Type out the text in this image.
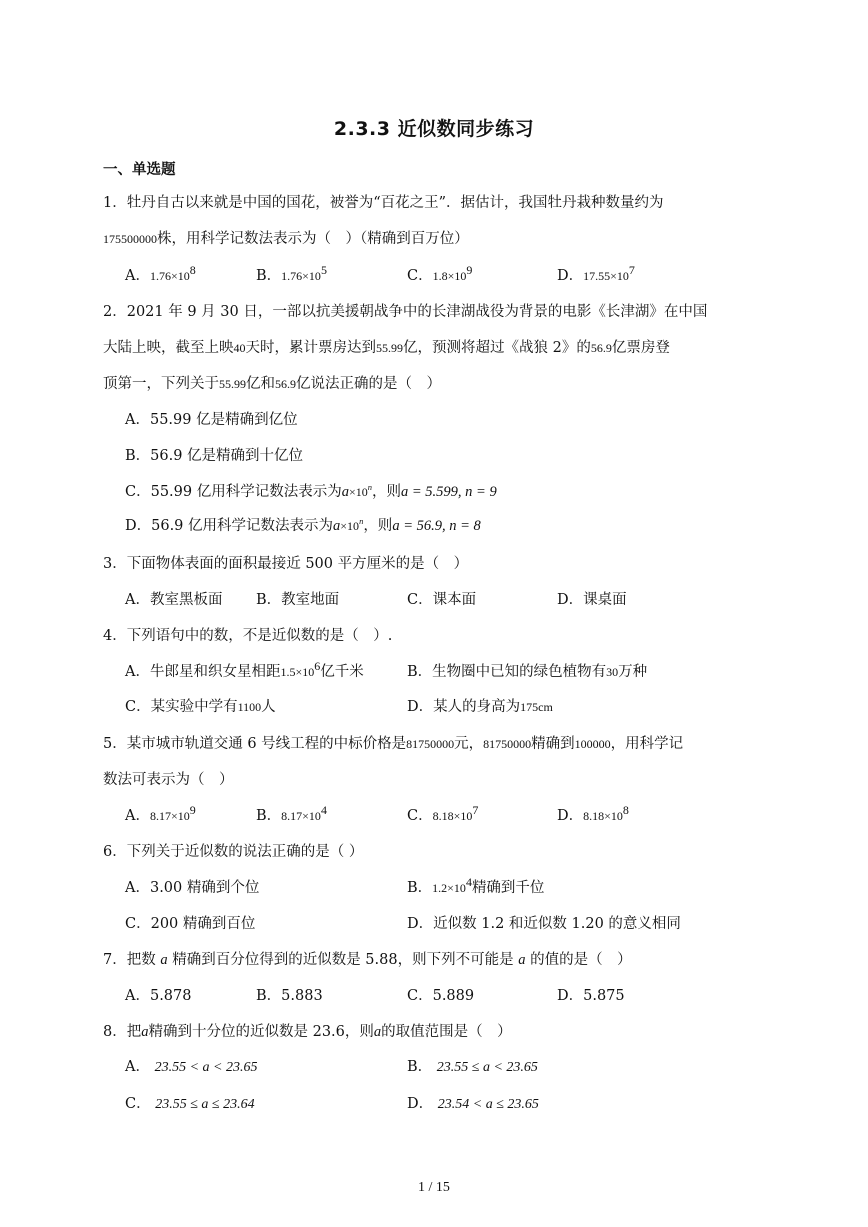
2.3.3 近似数同步练习
一、单选题
1．牡丹自古以来就是中国的国花，被誉为“百花之王”．据估计，我国牡丹栽种数量约为
175500000株，用科学记数法表示为（　）（精确到百万位）
A．$1.76\times 10^8$	B．$1.76\times 10^5$	C．$1.8\times 10^9$	D．$17.55\times 10^7$
2．2021 年 9 月 30 日，一部以抗美援朝战争中的长津湖战役为背景的电影《长津湖》在中国
大陆上映，截至上映40天时，累计票房达到55.99亿，预测将超过《战狼 2》的56.9亿票房登
顶第一，下列关于55.99亿和56.9亿说法正确的是（　）
A．55.99 亿是精确到亿位
B．56.9 亿是精确到十亿位
C．55.99 亿用科学记数法表示为$a\times 10^n$，则a = 5.599, n = 9
D．56.9 亿用科学记数法表示为$a\times 10^n$，则a = 56.9, n = 8
3．下面物体表面的面积最接近 500 平方厘米的是（　）
A．教室黑板面 B．教室地面	C．课本面	D．课桌面
4．下列语句中的数，不是近似数的是（　）.
A．牛郎星和织女星相距$1.5\times 10^6$亿千米	B．生物圈中已知的绿色植物有30万种
C．某实验中学有1100人	D．某人的身高为175cm
5．某市城市轨道交通 6 号线工程的中标价格是81750000元，81750000精确到100000，用科学记
数法可表示为（　）
A．$8.17\times 10^9$	B．$8.17\times 10^4$	C．$8.18\times 10^7$	D．$8.18\times 10^8$
6．下列关于近似数的说法正确的是（ ）
A．3.00 精确到个位	B．$1.2\times 10^4$精确到千位
C．200 精确到百位	D．近似数 1.2 和近似数 1.20 的意义相同
7．把数 a 精确到百分位得到的近似数是 5.88，则下列不可能是 a 的值的是（　）
A．5.878	B．5.883	C．5.889	D．5.875
8．把a精确到十分位的近似数是 23.6，则a的取值范围是（　）
A． 23.55 < a < 23.65	B． 23.55 ≤ a < 23.65
C． 23.55 ≤ a ≤ 23.64	D． 23.54 < a ≤ 23.65
1 / 15
